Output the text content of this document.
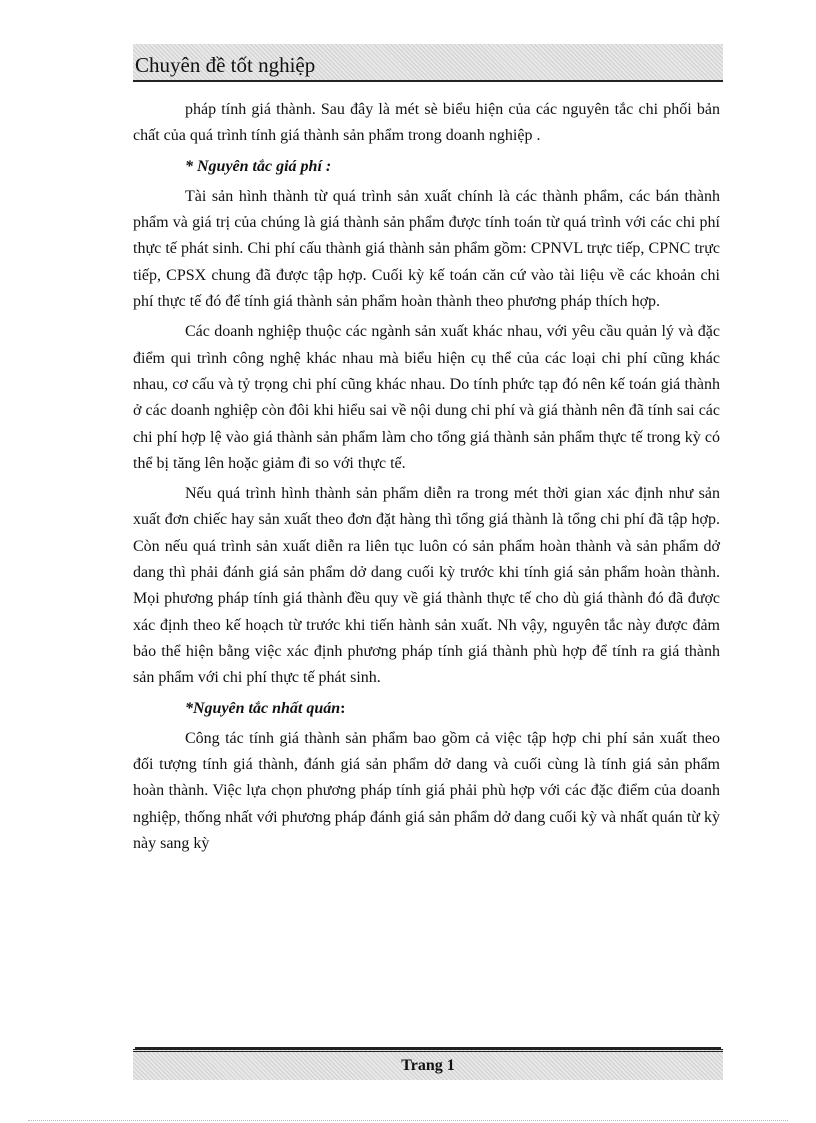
Chuyên đề tốt nghiệp

pháp tính giá thành. Sau đây là mét sè biểu hiện của các nguyên tắc chi phối bản chất của quá trình tính giá thành sản phẩm trong doanh nghiệp .

* Nguyên tắc giá phí :

Tài sản hình thành từ quá trình sản xuất chính là các thành phẩm, các bán thành phẩm và giá trị của chúng là giá thành sản phẩm được tính toán từ quá trình với các chi phí thực tế phát sinh. Chi phí cấu thành giá thành sản phẩm gồm: CPNVL trực tiếp, CPNC trực tiếp, CPSX chung đã được tập hợp. Cuối kỳ kế toán căn cứ vào tài liệu về các khoản chi phí thực tế đó để tính giá thành sản phẩm hoàn thành theo phương pháp thích hợp.

Các doanh nghiệp thuộc các ngành sản xuất khác nhau, với yêu cầu quản lý và đặc điểm qui trình công nghệ khác nhau mà biểu hiện cụ thể của các loại chi phí cũng khác nhau, cơ cấu và tỷ trọng chi phí cũng khác nhau. Do tính phức tạp đó nên kế toán giá thành ở các doanh nghiệp còn đôi khi hiểu sai về nội dung chi phí và giá thành nên đã tính sai các chi phí hợp lệ vào giá thành sản phẩm làm cho tổng giá thành sản phẩm thực tế trong kỳ có thể bị tăng lên hoặc giảm đi so với thực tế.

Nếu quá trình hình thành sản phẩm diễn ra trong mét thời gian xác định như sản xuất đơn chiếc hay sản xuất theo đơn đặt hàng thì tổng giá thành là tổng chi phí đã tập hợp. Còn nếu quá trình sản xuất diễn ra liên tục luôn có sản phẩm hoàn thành và sản phẩm dở dang thì phải đánh giá sản phẩm dở dang cuối kỳ trước khi tính giá sản phẩm hoàn thành. Mọi phương pháp tính giá thành đều quy về giá thành thực tế cho dù giá thành đó đã được xác định theo kế hoạch từ trước khi tiến hành sản xuất. Nh vậy, nguyên tắc này được đảm bảo thể hiện bằng việc xác định phương pháp tính giá thành phù hợp để tính ra giá thành sản phẩm với chi phí thực tế phát sinh.

*Nguyên tắc nhất quán:

Công tác tính giá thành sản phẩm bao gồm cả việc tập hợp chi phí sản xuất theo đối tượng tính giá thành, đánh giá sản phẩm dở dang và cuối cùng là tính giá sản phẩm hoàn thành. Việc lựa chọn phương pháp tính giá phải phù hợp với các đặc điểm của doanh nghiệp, thống nhất với phương pháp đánh giá sản phẩm dở dang cuối kỳ và nhất quán từ kỳ này sang kỳ

Trang 1
